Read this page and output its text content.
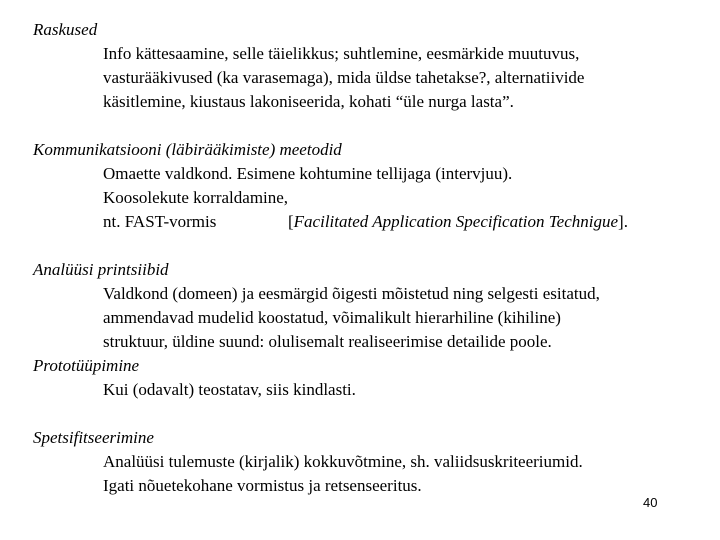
Raskused
Info kättesaamine, selle täielikkus; suhtlemine, eesmärkide muutuvus,
vasturääkivused (ka varasemaga), mida üldse tahetakse?, alternatiivide
käsitlemine, kiustaus lakoniseerida, kohati “üle nurga lasta”.
Kommunikatsiooni (läbirääkimiste) meetodid
Omaette valdkond. Esimene kohtumine tellijaga (intervjuu).
Koosolekute korraldamine,
nt. FAST-vormis	[Facilitated Application Specification Technigue].
Analüüsi printsiibid
Valdkond (domeen) ja eesmärgid õigesti mõistetud ning selgesti esitatud,
ammendavad mudelid koostatud, võimalikult hierarhiline (kihiline)
struktuur, üldine suund: olulisemalt realiseerimise detailide poole.
Prototüüpimine
Kui (odavalt) teostatav, siis kindlasti.
Spetsifitseerimine
Analüüsi tulemuste (kirjalik) kokkuvõtmine, sh. valiidsuskriteeriumid.
Igati nõuetekohane vormistus ja retsenseeritus.
40
